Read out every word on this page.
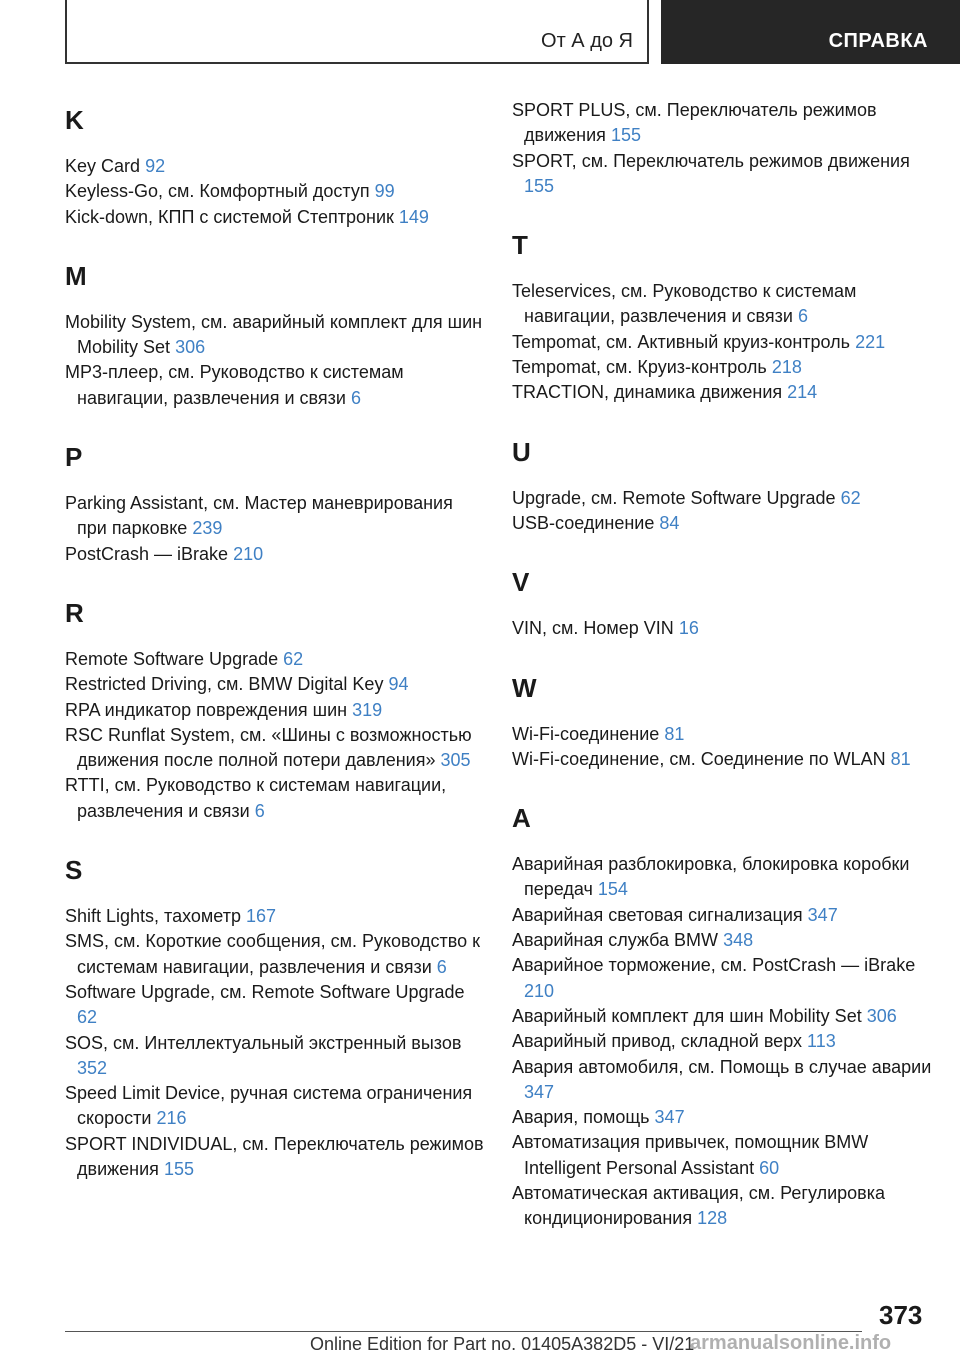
От А до Я	СПРАВКА
K
Key Card 92
Keyless-Go, см. Комфортный доступ 99
Kick-down, КПП с системой Стептроник 149
M
Mobility System, см. аварийный комплект для шин Mobility Set 306
MP3-плеер, см. Руководство к системам навигации, развлечения и связи 6
P
Parking Assistant, см. Мастер маневрирования при парковке 239
PostCrash — iBrake 210
R
Remote Software Upgrade 62
Restricted Driving, см. BMW Digital Key 94
RPA индикатор повреждения шин 319
RSC Runflat System, см. «Шины с возможностью движения после полной потери давления» 305
RTTI, см. Руководство к системам навигации, развлечения и связи 6
S
Shift Lights, тахометр 167
SMS, см. Короткие сообщения, см. Руководство к системам навигации, развлечения и связи 6
Software Upgrade, см. Remote Software Upgrade 62
SOS, см. Интеллектуальный экстренный вызов 352
Speed Limit Device, ручная система ограничения скорости 216
SPORT INDIVIDUAL, см. Переключатель режимов движения 155
SPORT PLUS, см. Переключатель режимов движения 155
SPORT, см. Переключатель режимов движения 155
T
Teleservices, см. Руководство к системам навигации, развлечения и связи 6
Tempomat, см. Активный круиз-контроль 221
Tempomat, см. Круиз-контроль 218
TRACTION, динамика движения 214
U
Upgrade, см. Remote Software Upgrade 62
USB-соединение 84
V
VIN, см. Номер VIN 16
W
Wi-Fi-соединение 81
Wi-Fi-соединение, см. Соединение по WLAN 81
А
Аварийная разблокировка, блокировка коробки передач 154
Аварийная световая сигнализация 347
Аварийная служба BMW 348
Аварийное торможение, см. PostCrash — iBrake 210
Аварийный комплект для шин Mobility Set 306
Аварийный привод, складной верх 113
Авария автомобиля, см. Помощь в случае аварии 347
Авария, помощь 347
Автоматизация привычек, помощник BMW Intelligent Personal Assistant 60
Автоматическая активация, см. Регулировка кондиционирования 128
373
Online Edition for Part no. 01405A382D5 - VI/21
armanualsonline.info
